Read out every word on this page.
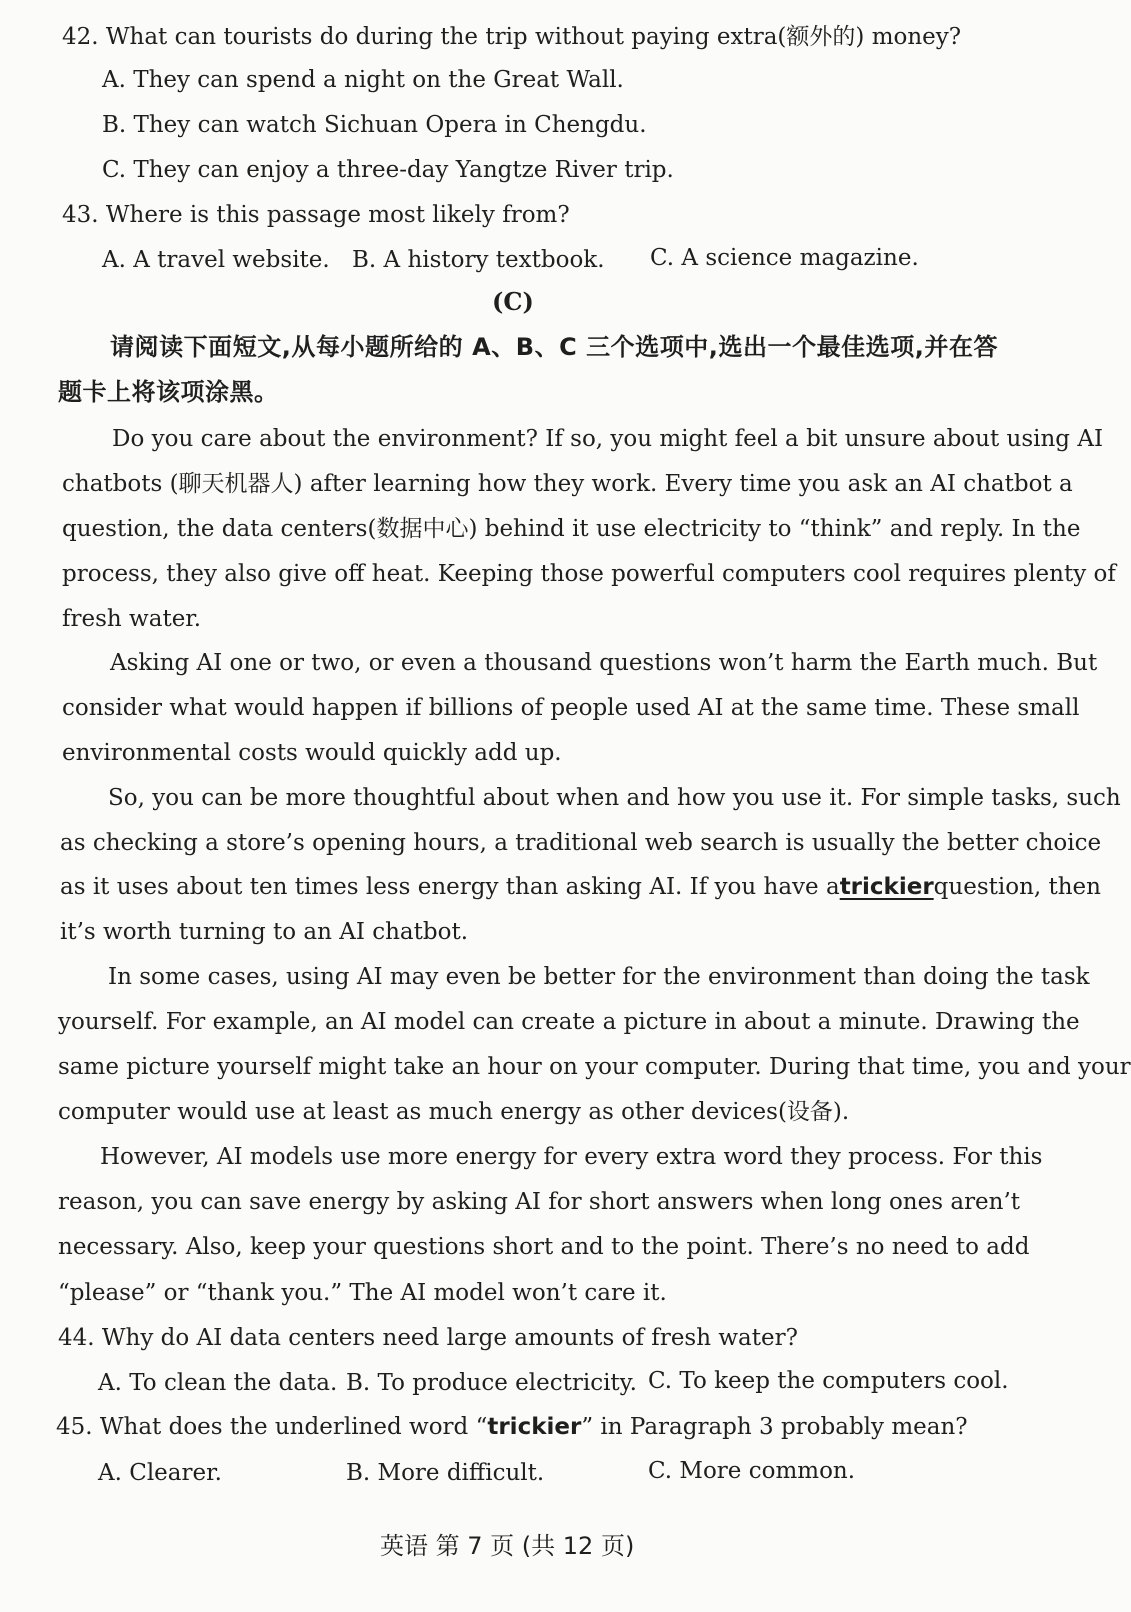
42. What can tourists do during the trip without paying extra(额外的) money?
A. They can spend a night on the Great Wall.
B. They can watch Sichuan Opera in Chengdu.
C. They can enjoy a three-day Yangtze River trip.
43. Where is this passage most likely from?
A. A travel website. B. A history textbook. C. A science magazine.
(C)
请阅读下面短文,从每小题所给的 A、B、C 三个选项中,选出一个最佳选项,并在答
题卡上将该项涂黑。
Do you care about the environment? If so, you might feel a bit unsure about using AI
chatbots (聊天机器人) after learning how they work. Every time you ask an AI chatbot a
question, the data centers(数据中心) behind it use electricity to “think” and reply. In the
process, they also give off heat. Keeping those powerful computers cool requires plenty of
fresh water.
Asking AI one or two, or even a thousand questions won’t harm the Earth much. But
consider what would happen if billions of people used AI at the same time. These small
environmental costs would quickly add up.
So, you can be more thoughtful about when and how you use it. For simple tasks, such
as checking a store’s opening hours, a traditional web search is usually the better choice
as it uses about ten times less energy than asking AI. If you have a trickier question, then
it’s worth turning to an AI chatbot.
In some cases, using AI may even be better for the environment than doing the task
yourself. For example, an AI model can create a picture in about a minute. Drawing the
same picture yourself might take an hour on your computer. During that time, you and your
computer would use at least as much energy as other devices(设备).
However, AI models use more energy for every extra word they process. For this
reason, you can save energy by asking AI for short answers when long ones aren’t
necessary. Also, keep your questions short and to the point. There’s no need to add
“please” or “thank you.” The AI model won’t care it.
44. Why do AI data centers need large amounts of fresh water?
A. To clean the data. B. To produce electricity. C. To keep the computers cool.
45. What does the underlined word “trickier” in Paragraph 3 probably mean?
A. Clearer.	B. More difficult.	C. More common.
英语 第 7 页 (共 12 页)
